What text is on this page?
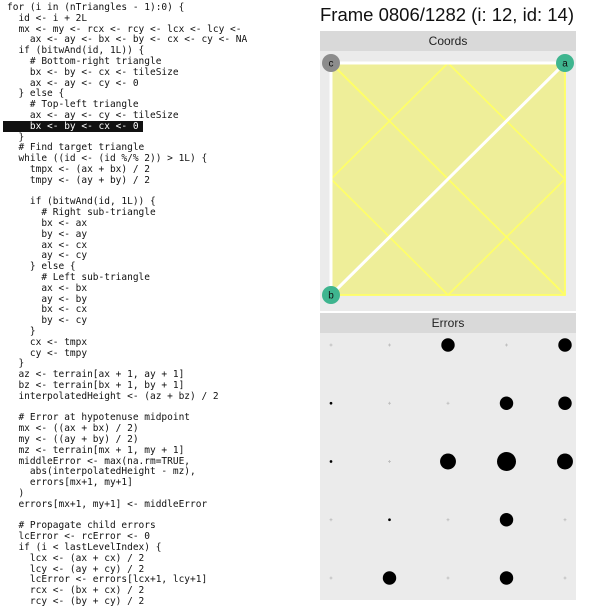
for (i in (nTriangles - 1):0) {
id <- i + 2L
mx <- my <- rcx <- rcy <- lcx <- lcy <-
ax <- ay <- bx <- by <- cx <- cy <- NA
if (bitwAnd(id, 1L)) {
# Bottom-right triangle
bx <- by <- cx <- tileSize
ax <- ay <- cy <- 0
} else {
# Top-left triangle
ax <- ay <- cy <- tileSize
bx <- by <- cx <- 0
}
# Find target triangle
while ((id <- (id %/% 2)) > 1L) {
tmpx <- (ax + bx) / 2
tmpy <- (ay + by) / 2
if (bitwAnd(id, 1L)) {
# Right sub-triangle
bx <- ax
by <- ay
ax <- cx
ay <- cy
} else {
# Left sub-triangle
ax <- bx
ay <- by
bx <- cx
by <- cy
}
cx <- tmpx
cy <- tmpy
}
az <- terrain[ax + 1, ay + 1]
bz <- terrain[bx + 1, by + 1]
interpolatedHeight <- (az + bz) / 2
# Error at hypotenuse midpoint
mx <- ((ax + bx) / 2)
my <- ((ay + by) / 2)
mz <- terrain[mx + 1, my + 1]
middleError <- max(na.rm=TRUE,
abs(interpolatedHeight - mz),
errors[mx+1, my+1]
)
errors[mx+1, my+1] <- middleError
# Propagate child errors
lcError <- rcError <- 0
if (i < lastLevelIndex) {
lcx <- (ax + cx) / 2
lcy <- (ay + cy) / 2
lcError <- errors[lcx+1, lcy+1]
rcx <- (bx + cx) / 2
rcy <- (by + cy) / 2
Frame 0806/1282 (i: 12, id: 14)
Coords
a
b
c
Errors
